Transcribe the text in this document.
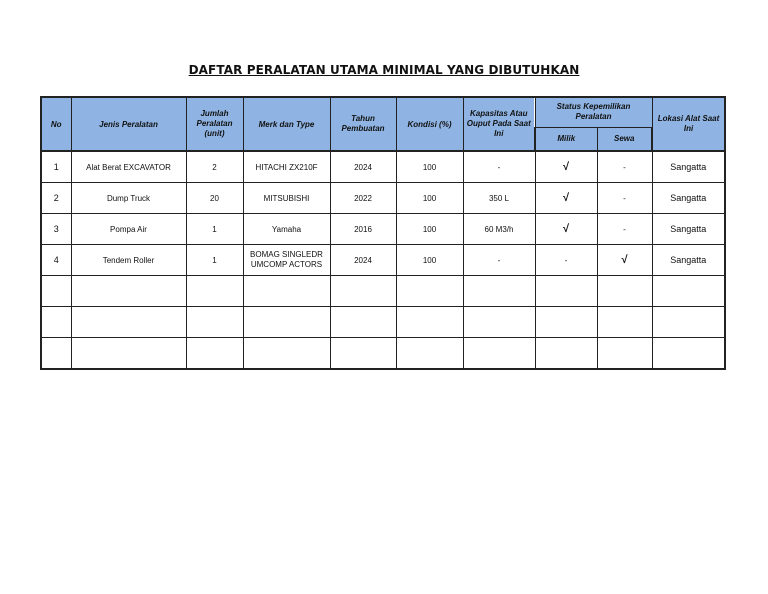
DAFTAR PERALATAN UTAMA MINIMAL YANG DIBUTUHKAN
No	Jenis Peralatan	Jumlah Peralatan (unit)	Merk dan Type	Tahun Pembuatan	Kondisi (%)	Kapasitas Atau Ouput Pada Saat Ini	Status Kepemilikan Peralatan		Lokasi Alat Saat Ini

							Milik	Sewa	
1	Alat Berat EXCAVATOR	2	HITACHI ZX210F	2024	100	-	√	-	Sangatta
2	Dump Truck	20	MITSUBISHI	2022	100	350 L	√	-	Sangatta
3	Pompa Air	1	Yamaha	2016	100	60 M3/h	√	-	Sangatta
4	Tendem Roller	1	BOMAG SINGLEDRUMCOMP ACTORS	2024	100	-	-	√	Sangatta
